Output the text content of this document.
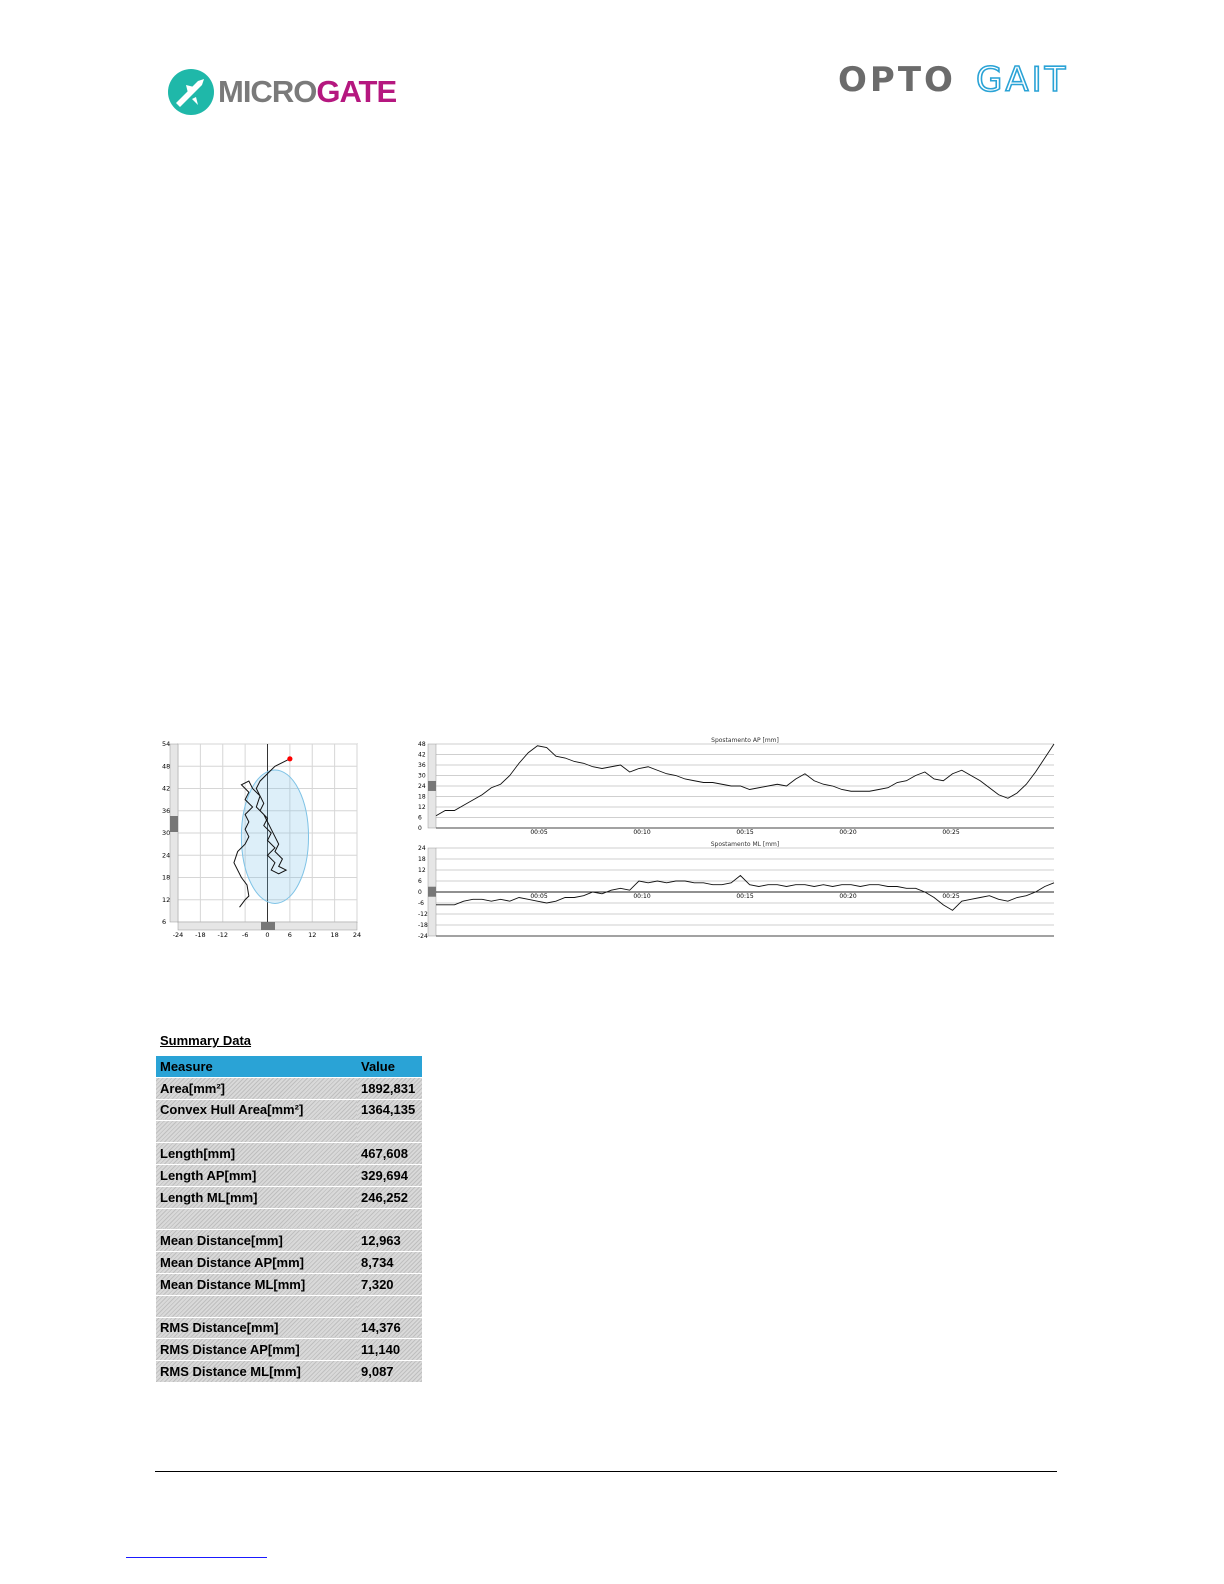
MICROGATE	OPTO GAIT
-24 -18 -12 -6	0	6 12 18 24
54
48
42
36
30
24
18
12
6
Spostamento AP [mm]
48
42
36
30
24
18
12
6
0
00:05	00:10	00:15	00:20	00:25
Spostamento ML [mm]
24
18
12
6
0
-6
-12
-18
-24
00:05	00:10	00:15	00:20	00:25
Summary Data
Measure	Value
Area[mm²]	1892,831
Convex Hull Area[mm²]	1364,135

Length[mm]	467,608
Length AP[mm]	329,694
Length ML[mm]	246,252

Mean Distance[mm]	12,963
Mean Distance AP[mm]	8,734
Mean Distance ML[mm]	7,320

RMS Distance[mm]	14,376
RMS Distance AP[mm]	11,140
RMS Distance ML[mm]	9,087
